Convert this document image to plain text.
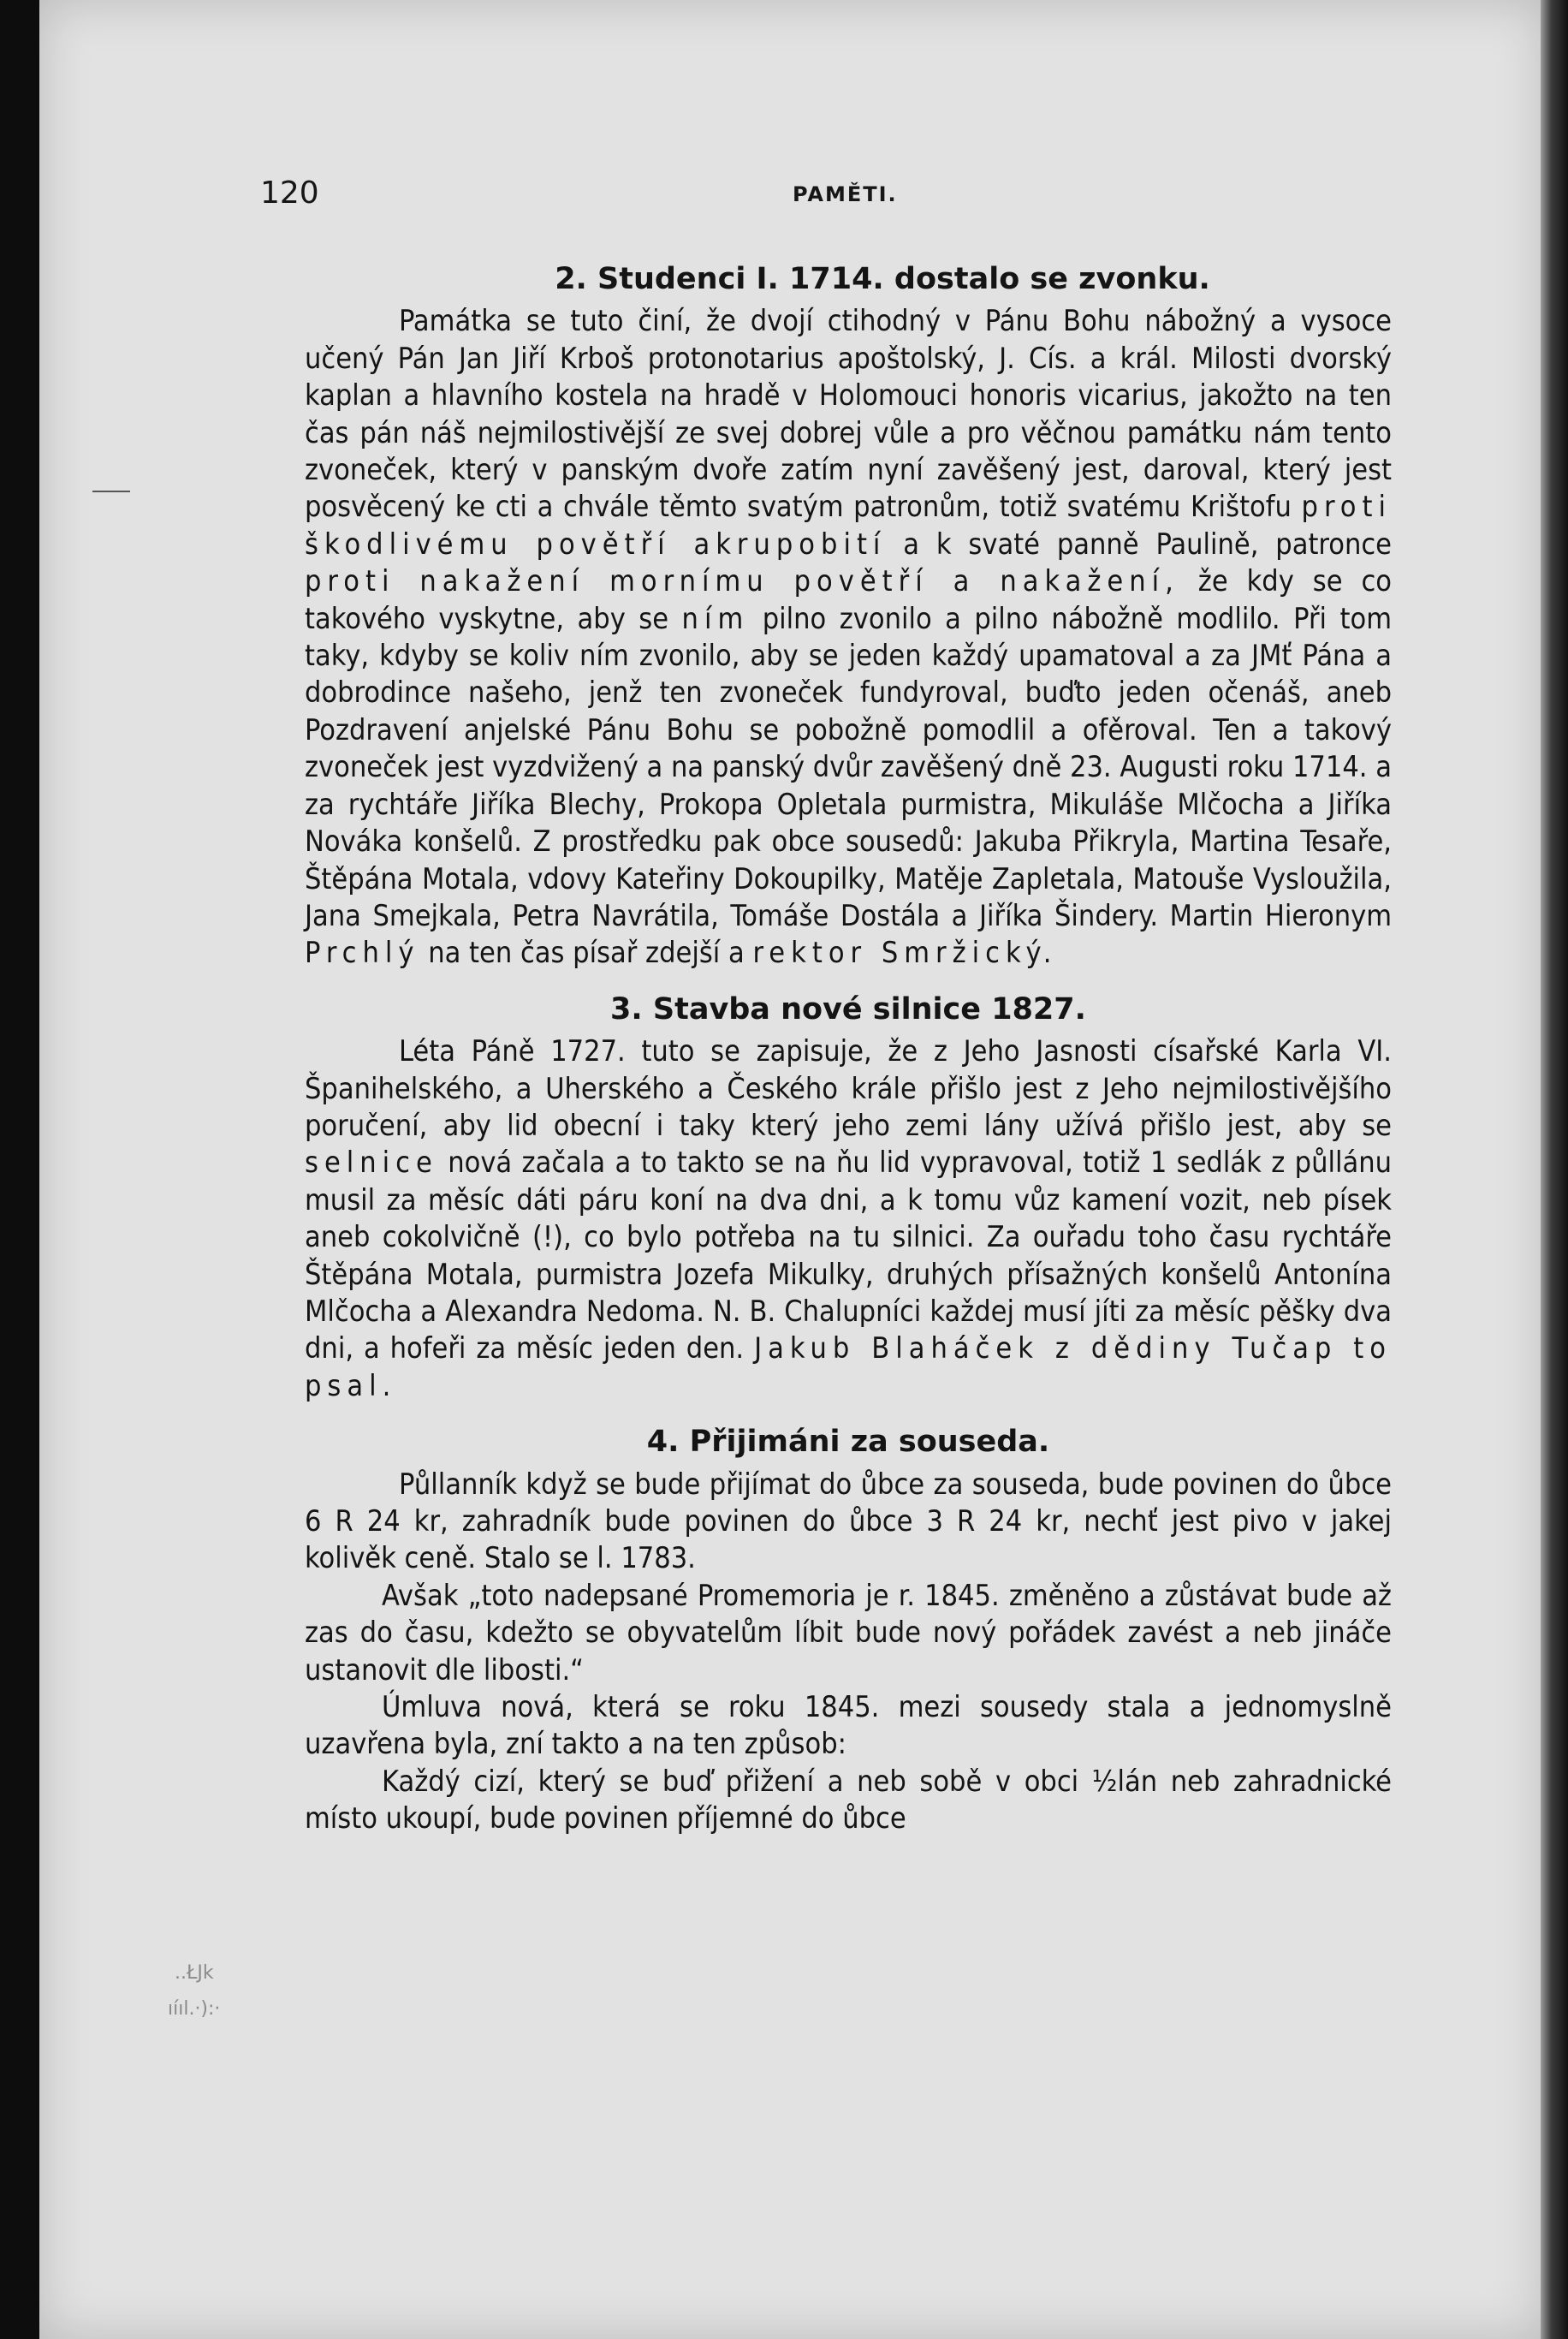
120	PAMĚTI.
..ŁJk
ıíıl.·):·
2. Studenci I. 1714. dostalo se zvonku.

Památka se tuto činí, že dvojí ctihodný v Pánu Bohu nábožný a vysoce učený Pán Jan Jiří Krboš protonotarius apoštolský, J. Cís. a král. Milosti dvorský kaplan a hlavního kostela na hradě v Holomouci honoris vicarius, jakožto na ten čas pán náš nejmilostivější ze svej dobrej vůle a pro věčnou památku nám tento zvoneček, který v panským dvoře zatím nyní zavěšený jest, daroval, který jest posvěcený ke cti a chvále těmto svatým patronům, totiž svatému Krištofu proti škodlivému povětří akrupobití a k svaté panně Paulině, patronce proti nakažení mornímu povětří a nakažení, že kdy se co takového vyskytne, aby se ním pilno zvonilo a pilno nábožně modlilo. Při tom taky, kdyby se koliv ním zvonilo, aby se jeden každý upamatoval a za JMť Pána a dobrodince našeho, jenž ten zvoneček fundyroval, buďto jeden očenáš, aneb Pozdravení anjelské Pánu Bohu se pobožně pomodlil a ofěroval. Ten a takový zvoneček jest vyzdvižený a na panský dvůr zavěšený dně 23. Augusti roku 1714. a za rychtáře Jiříka Blechy, Prokopa Opletala purmistra, Mikuláše Mlčocha a Jiříka Nováka konšelů. Z prostředku pak obce sousedů: Jakuba Přikryla, Martina Tesaře, Štěpána Motala, vdovy Kateřiny Dokoupilky, Matěje Zapletala, Matouše Vysloužila, Jana Smejkala, Petra Navrátila, Tomáše Dostála a Jiříka Šindery. Martin Hieronym Prchlý na ten čas písař zdejší a rektor Smržický.

3. Stavba nové silnice 1827.

Léta Páně 1727. tuto se zapisuje, že z Jeho Jasnosti císařské Karla VI. Španihelského, a Uherského a Českého krále přišlo jest z Jeho nejmilostivějšího poručení, aby lid obecní i taky který jeho zemi lány užívá přišlo jest, aby se selnice nová začala a to takto se na ňu lid vypravoval, totiž 1 sedlák z půllánu musil za měsíc dáti páru koní na dva dni, a k tomu vůz kamení vozit, neb písek aneb cokolvičně (!), co bylo potřeba na tu silnici. Za ouřadu toho času rychtáře Štěpána Motala, purmistra Jozefa Mikulky, druhých přísažných konšelů Antonína Mlčocha a Alexandra Nedoma. N. B. Chalupníci každej musí jíti za měsíc pěšky dva dni, a hofeři za měsíc jeden den. Jakub Blaháček z dědiny Tučap to psal.

4. Přijimáni za souseda.

Půllanník když se bude přijímat do ůbce za souseda, bude povinen do ůbce 6 R 24 kr, zahradník bude povinen do ůbce 3 R 24 kr, nechť jest pivo v jakej kolivěk ceně. Stalo se l. 1783.

Avšak „toto nadepsané Promemoria je r. 1845. změněno a zůstávat bude až zas do času, kdežto se obyvatelům líbit bude nový pořádek zavést a neb jináče ustanovit dle libosti.“

Úmluva nová, která se roku 1845. mezi sousedy stala a jednomyslně uzavřena byla, zní takto a na ten způsob:

Každý cizí, který se buď přižení a neb sobě v obci ½lán neb zahradnické místo ukoupí, bude povinen příjemné do ůbce
